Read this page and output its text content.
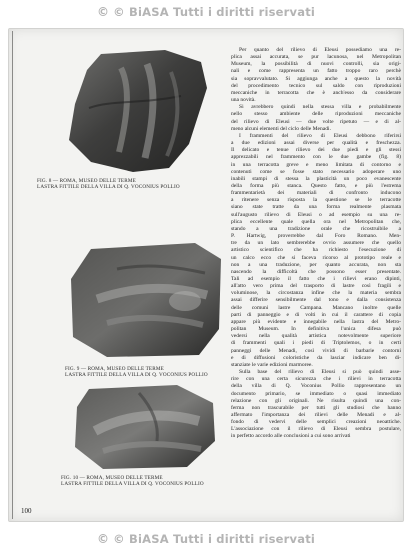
© © BiASA Tutti i diritti riservati
FIG. 8 — ROMA, MUSEO DELLE TERME
LASTRA FITTILE DELLA VILLA DI Q. VOCONIUS POLLIO
FIG. 9 — ROMA, MUSEO DELLE TERME
LASTRA FITTILE DELLA VILLA DI Q. VOCONIUS POLLIO
FIG. 10 — ROMA, MUSEO DELLE TERME
LASTRA FITTILE DELLA VILLA DI Q. VOCONIUS POLLIO
Per quanto del rilievo di Eleusi possediamo una re-
plica assai accurata, se pur lacunosa, nel Metropolitan
Museum, la possibilità di nuovi controlli, sia origi-
nali e come rappresenta un fatto troppo raro perchè
sia sopravvalutato. Si aggiunga anche a questo la novità
del procedimento tecnico sul saldo con riproduzioni
meccaniche in terracotta che è anch'esso da considerare
una novità.
Si avrebbero quindi nella stessa villa e probabilmente
nello stesso ambiente delle riproduzioni meccaniche
del rilievo di Eleusi — due volte ripetuto — e di al-
meno alcuni elementi del ciclo delle Menadi.
I frammenti del rilievo di Eleusi debbono riferirsi
a due edizioni assai diverse per qualità e freschezza.
Il delicato e tenue rilievo dei due piedi e gli stessi
apprezzabili nel frammento con le due gambe (fig. 8)
in una terracotta greve e meno limitata di contorno e
contenuti come se fosse stato necessario adoperare uno
inabili stampi di stessa la plasticità un poco evanescente
della forma più stanca. Questo fatto, e più l'estrema
frammentarietà dei materiali di confronto inducono
a ritenere senza risposta la questione se le terracotte
siano state tratte da una forma realmente plasmata
sull'augusto rilievo di Eleusi o ad esempio su una re-
plica eccellente quale quella ora nel Metropolitan che,
stando a una tradizione orale che ricostruibile a
P. Hartwig, proverrebbe dal Foro Romano. Men-
tre da un lato sembrerebbe ovvio assumere che quello
artistico scientifico che ha richiesto l'esecuzione di
un calco ecco che si faceva ricorso al prototipo reale e
non a una traduzione, per quanto accurata, non sta
nascendo la difficoltà che possono esser presentate.
Tali ad esempio il fatto che i rilievi erano dipinti,
all'atto vero prima del trasporto di lastre così fragili e
voluminose, la circostanza infine che la materia sembra
assai differire sensibilmente dal tono e dalla consistenza
delle comuni lastre Campana. Mancano inoltre quelle
parti di panneggio e di volti in cui il carattere di copia
appare più evidente e innegabile nella lastra del Metro-
politan Museum. In definitiva l'unica difesa può
vedersi nella qualità artistica notevolmente superiore
di frammenti quali i piedi di Triptolemos, o in certi
panneggi delle Menadi, così vividi di barbarie contorni
e di diffusioni coloristiche da lasciar indicare ben di-
stanziate le varie edizioni marmoree.
Sulla base del rilievo di Eleusi si può quindi asse-
rire con una certa sicurezza che i rilievi in terracotta
della villa di Q. Voconius Pollio rappresentano un
documento primario, se immediato o quasi immediato
relazione con gli originali. Ne risulta quindi una con-
ferma non trascurabile per tutti gli studiosi che hanno
affermato l'importanza dei rilievi delle Menadi e al-
fondo di vedervi delle semplici creazioni neoattiche.
L'associazione con il rilievo di Eleusi sembra postulare,
in perfetto accordo alle conclusioni a cui sono arrivati
100
© © BiASA Tutti i diritti riservati
